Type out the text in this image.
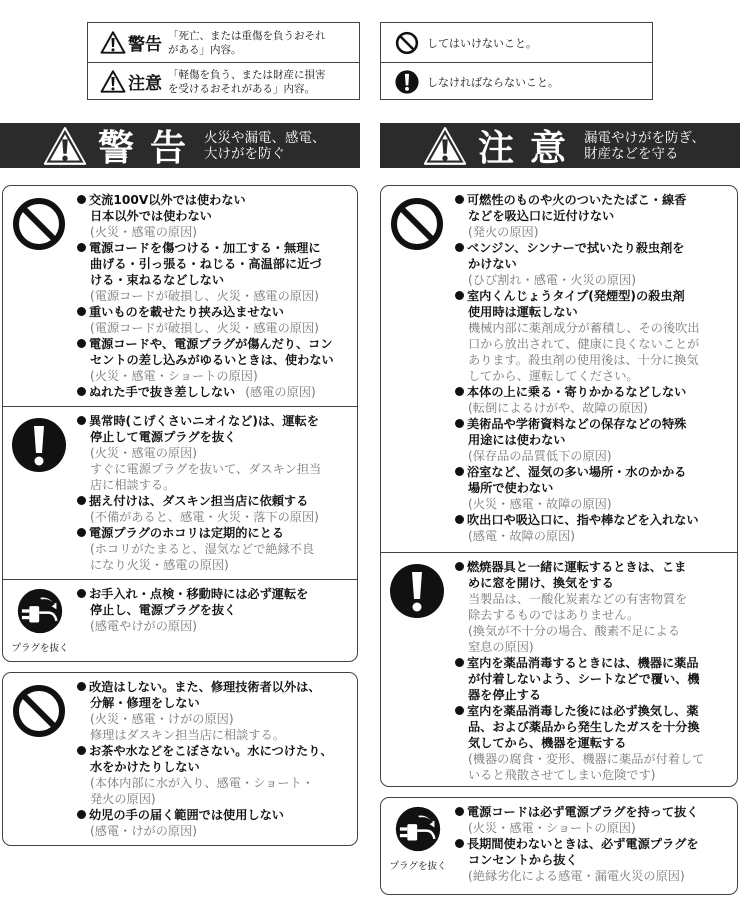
警告 「死亡、または重傷を負うおそれ
がある」内容。
注意 「軽傷を負う、または財産に損害
を受けるおそれがある」内容。
してはいけないこと。
しなければならないこと。
警告 火災や漏電、感電、
大けがを防ぐ	注意 漏電やけがを防ぎ、
財産などを守る
交流100V以外では使わない
日本以外では使わない
(火災・感電の原因)
電源コードを傷つける・加工する・無理に
曲げる・引っ張る・ねじる・高温部に近づ
ける・束ねるなどしない
(電源コードが破損し、火災・感電の原因)
重いものを載せたり挟み込ませない
(電源コードが破損し、火災・感電の原因)
電源コードや、電源プラグが傷んだり、コン
セントの差し込みがゆるいときは、使わない
(火災・感電・ショートの原因)
ぬれた手で抜き差ししない (感電の原因)
異常時(こげくさいニオイなど)は、運転を
停止して電源プラグを抜く
(火災・感電の原因)
すぐに電源プラグを抜いて、ダスキン担当
店に相談する。
据え付けは、ダスキン担当店に依頼する
(不備があると、感電・火災・落下の原因)
電源プラグのホコリは定期的にとる
(ホコリがたまると、湿気などで絶縁不良
になり火災・感電の原因)
プラグを抜く
お手入れ・点検・移動時には必ず運転を
停止し、電源プラグを抜く
(感電やけがの原因)
改造はしない。また、修理技術者以外は、
分解・修理をしない
(火災・感電・けがの原因)
修理はダスキン担当店に相談する。
お茶や水などをこぼさない。水につけたり、
水をかけたりしない
(本体内部に水が入り、感電・ショート・
発火の原因)
幼児の手の届く範囲では使用しない
(感電・けがの原因)
可燃性のものや火のついたたばこ・線香
などを吸込口に近付けない
(発火の原因)
ベンジン、シンナーで拭いたり殺虫剤を
かけない
(ひび割れ・感電・火災の原因)
室内くんじょうタイプ(発煙型)の殺虫剤
使用時は運転しない
機械内部に薬剤成分が蓄積し、その後吹出
口から放出されて、健康に良くないことが
あります。殺虫剤の使用後は、十分に換気
してから、運転してください。
本体の上に乗る・寄りかかるなどしない
(転倒によるけがや、故障の原因)
美術品や学術資料などの保存などの特殊
用途には使わない
(保存品の品質低下の原因)
浴室など、湿気の多い場所・水のかかる
場所で使わない
(火災・感電・故障の原因)
吹出口や吸込口に、指や棒などを入れない
(感電・故障の原因)
燃焼器具と一緒に運転するときは、こま
めに窓を開け、換気をする
当製品は、一酸化炭素などの有害物質を
除去するものではありません。
(換気が不十分の場合、酸素不足による
窒息の原因)
室内を薬品消毒するときには、機器に薬品
が付着しないよう、シートなどで覆い、機
器を停止する
室内を薬品消毒した後には必ず換気し、薬
品、および薬品から発生したガスを十分換
気してから、機器を運転する
(機器の腐食・変形、機器に薬品が付着して
いると飛散させてしまい危険です)
プラグを抜く
電源コードは必ず電源プラグを持って抜く
(火災・感電・ショートの原因)
長期間使わないときは、必ず電源プラグを
コンセントから抜く
(絶縁劣化による感電・漏電火災の原因)
